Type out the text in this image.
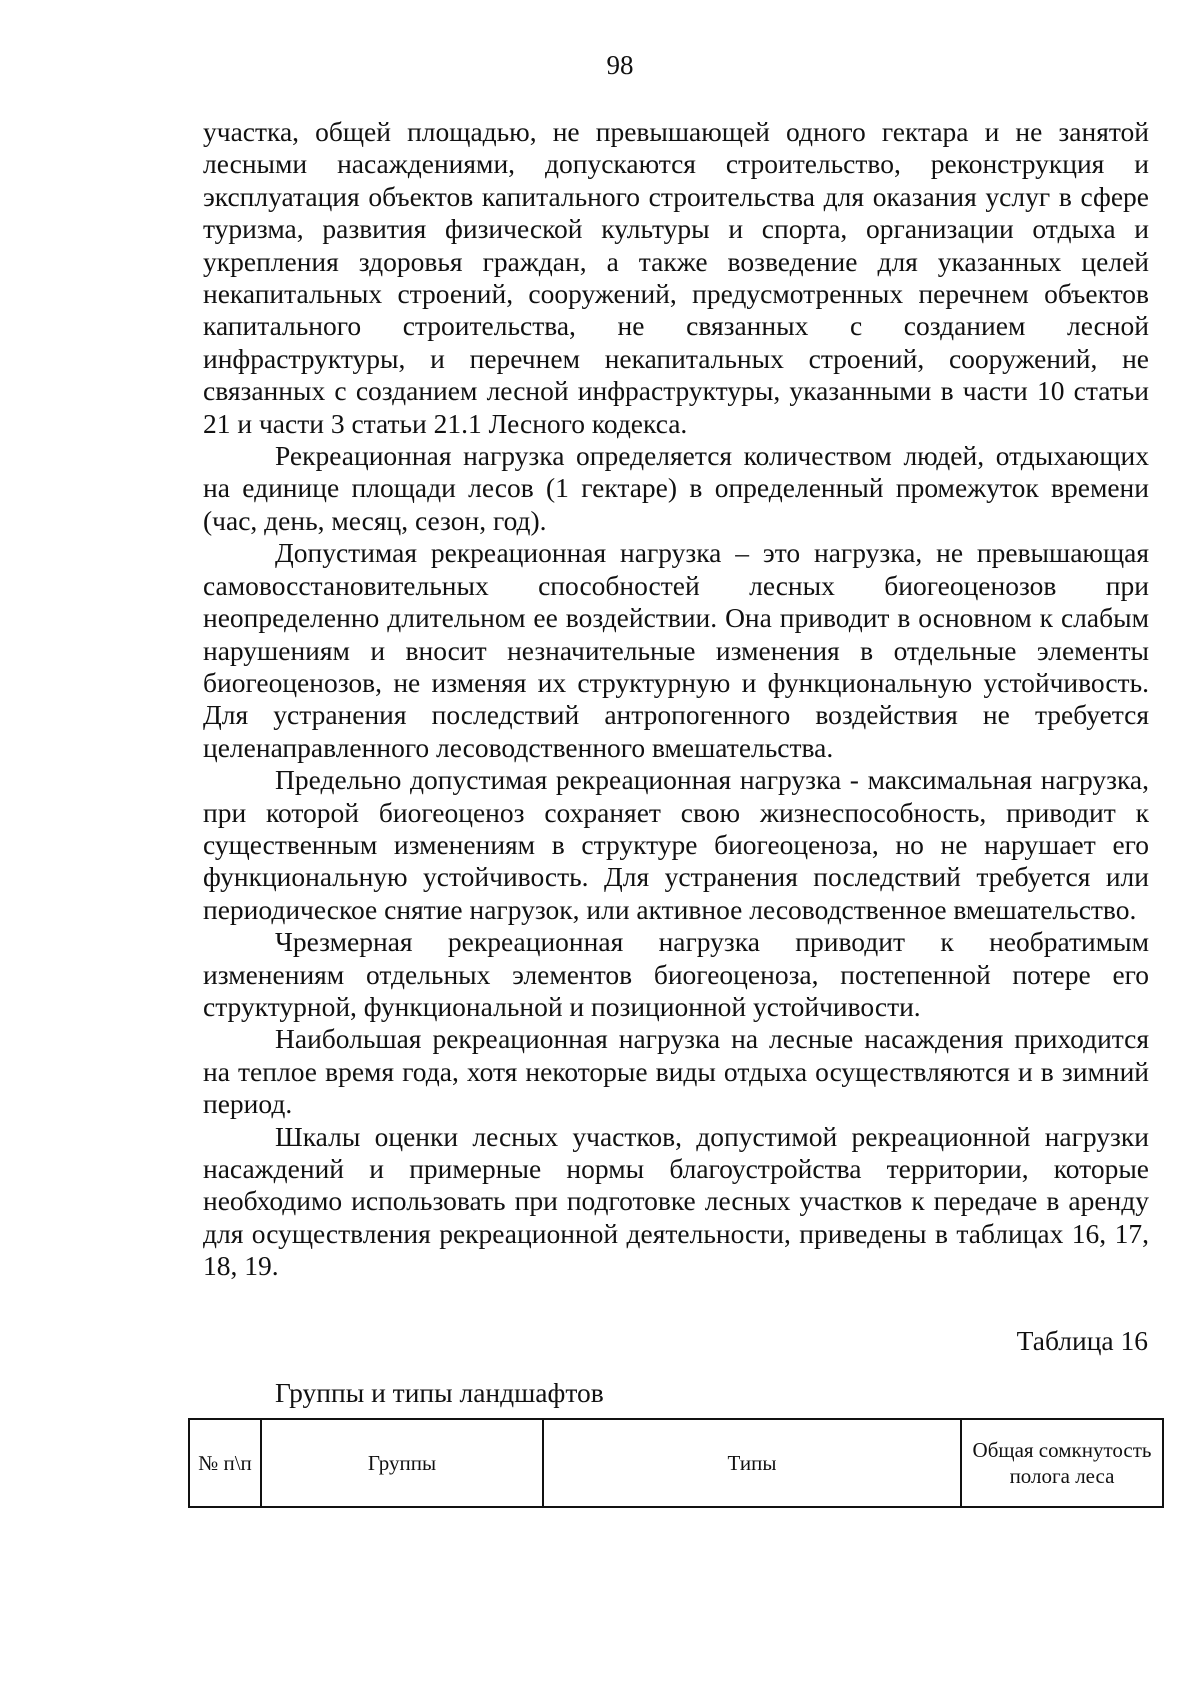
98

участка, общей площадью, не превышающей одного гектара и не занятой лесными насаждениями, допускаются строительство, реконструкция и эксплуатация объектов капитального строительства для оказания услуг в сфере туризма, развития физической культуры и спорта, организации отдыха и укрепления здоровья граждан, а также возведение для указанных целей некапитальных строений, сооружений, предусмотренных перечнем объектов капитального строительства, не связанных с созданием лесной инфраструктуры, и перечнем некапитальных строений, сооружений, не связанных с созданием лесной инфраструктуры, указанными в части 10 статьи 21 и части 3 статьи 21.1 Лесного кодекса.

Рекреационная нагрузка определяется количеством людей, отдыхающих на единице площади лесов (1 гектаре) в определенный промежуток времени (час, день, месяц, сезон, год).

Допустимая рекреационная нагрузка – это нагрузка, не превышающая самовосстановительных способностей лесных биогеоценозов при неопределенно длительном ее воздействии. Она приводит в основном к слабым нарушениям и вносит незначительные изменения в отдельные элементы биогеоценозов, не изменяя их структурную и функциональную устойчивость. Для устранения последствий антропогенного воздействия не требуется целенаправленного лесоводственного вмешательства.

Предельно допустимая рекреационная нагрузка - максимальная нагрузка, при которой биогеоценоз сохраняет свою жизнеспособность, приводит к существенным изменениям в структуре биогеоценоза, но не нарушает его функциональную устойчивость. Для устранения последствий требуется или периодическое снятие нагрузок, или активное лесоводственное вмешательство.

Чрезмерная рекреационная нагрузка приводит к необратимым изменениям отдельных элементов биогеоценоза, постепенной потере его структурной, функциональной и позиционной устойчивости.

Наибольшая рекреационная нагрузка на лесные насаждения приходится на теплое время года, хотя некоторые виды отдыха осуществляются и в зимний период.

Шкалы оценки лесных участков, допустимой рекреационной нагрузки насаждений и примерные нормы благоустройства территории, которые необходимо использовать при подготовке лесных участков к передаче в аренду для осуществления рекреационной деятельности, приведены в таблицах 16, 17, 18, 19.

Таблица 16
Группы и типы ландшафтов
№ п\п	Группы	Типы	Общая сомкнутость полога леса
